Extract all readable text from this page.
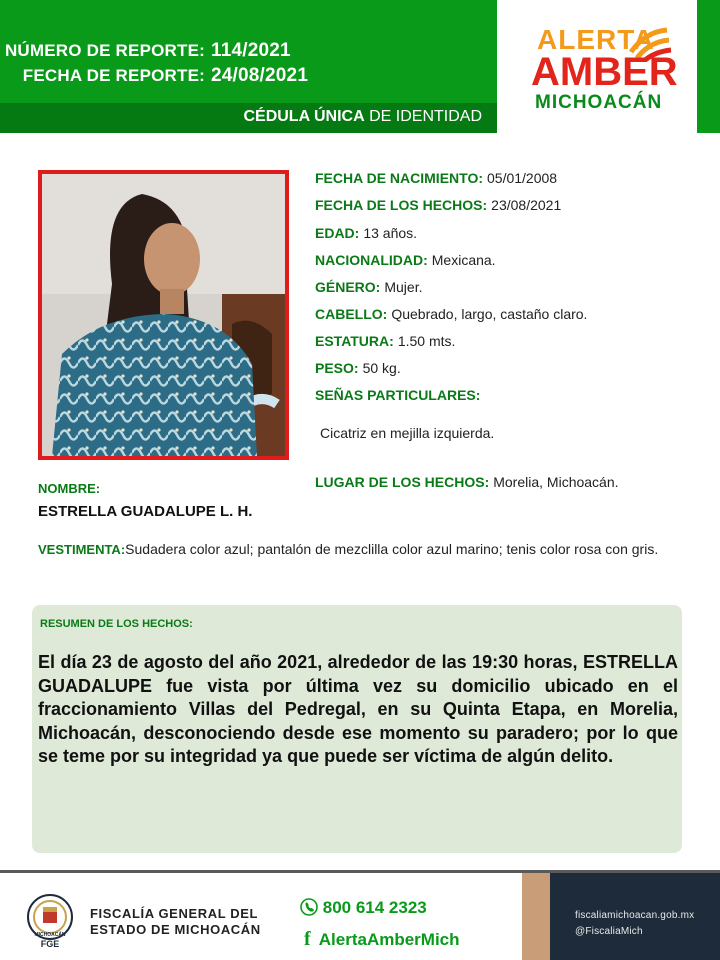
NÚMERO DE REPORTE: 114/2021
FECHA DE REPORTE: 24/08/2021
CÉDULA ÚNICA DE IDENTIDAD
ALERTA
AMBER
MICHOACÁN
FECHA DE NACIMIENTO: 05/01/2008
FECHA DE LOS HECHOS: 23/08/2021
EDAD: 13 años.
NACIONALIDAD: Mexicana.
GÉNERO: Mujer.
CABELLO: Quebrado, largo, castaño claro.
ESTATURA: 1.50 mts.
PESO: 50 kg.
SEÑAS PARTICULARES:
Cicatriz en mejilla izquierda.
LUGAR DE LOS HECHOS: Morelia, Michoacán.
NOMBRE:
ESTRELLA GUADALUPE L. H.
VESTIMENTA:Sudadera color azul; pantalón de mezclilla color azul marino; tenis color rosa con gris.
RESUMEN DE LOS HECHOS:
El día 23 de agosto del año 2021, alrededor de las 19:30 horas, ESTRELLA GUADALUPE fue vista por última vez su domicilio ubicado en el fraccionamiento Villas del Pedregal, en su Quinta Etapa, en Morelia, Michoacán, desconociendo desde ese momento su paradero; por lo que se teme por su integridad ya que puede ser víctima de algún delito.
MICHOACÁN
FGE
FISCALÍA GENERAL DEL
ESTADO DE MICHOACÁN
800 614 2323
f AlertaAmberMich
fiscaliamichoacan.gob.mx
@FiscaliaMich
